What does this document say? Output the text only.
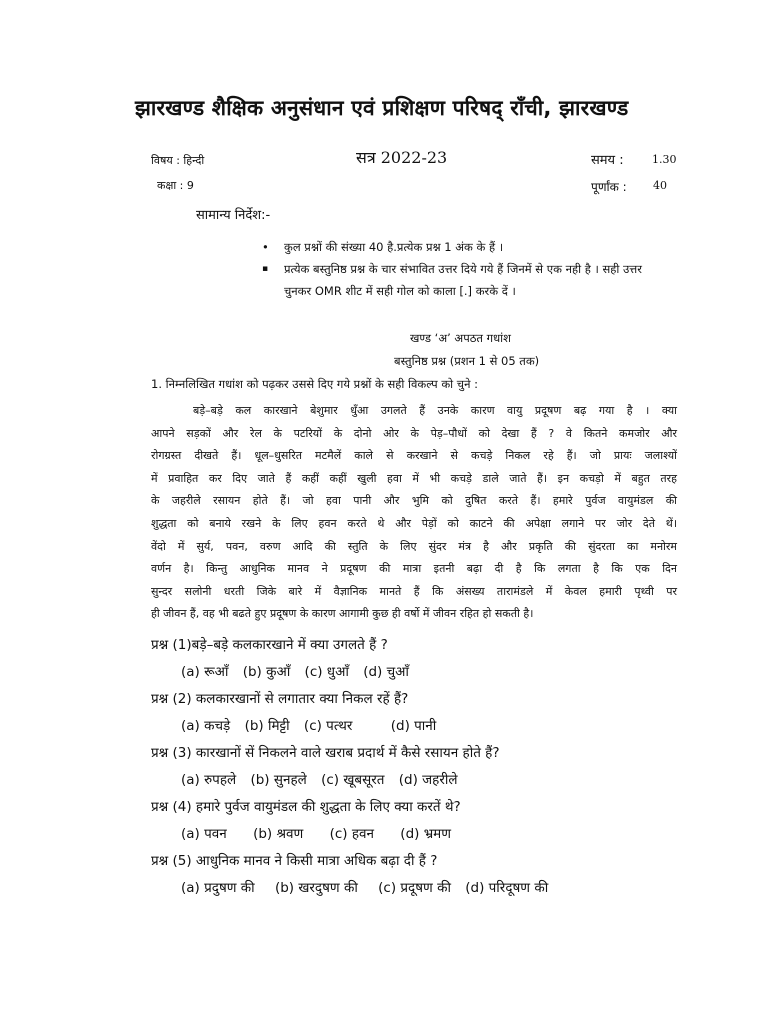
झारखण्ड शैक्षिक अनुसंधान एवं प्रशिक्षण परिषद् राँची, झारखण्ड
विषय : हिन्दी	सत्र 2022-23	समय :	1.30
कक्षा : 9	पूर्णांक : 40
सामान्य निर्देश:-
• कुल प्रश्नों की संख्या 40 है.प्रत्येक प्रश्न 1 अंक के हैं ।
▪ प्रत्येक बस्तुनिष्ठ प्रश्न के चार संभावित उत्तर दिये गये हैं जिनमें से एक नही है । सही उत्तर चुनकर OMR शीट में सही गोल को काला [.] करके दें ।
खण्ड ‘अ’ अपठत गधांश
बस्तुनिष्ठ प्रश्न (प्रशन 1 से 05 तक)
1. निम्नलिखित गधांश को पढ़कर उससे दिए गये प्रश्नों के सही विकल्प को चुने :
बड़े–बड़े कल कारखाने बेशुमार धुँआ उगलते हैं उनके कारण वायु प्रदूषण बढ़ गया है । क्या
आपने सड़कों और रेल के पटरियों के दोनो ओर के पेड़–पौधों को देखा हैं ? वे कितने कमजोर और
रोगग्रस्त दीखते हैं। धूल–धुसरित मटमैलें काले से करखाने से कचड़े निकल रहे हैं। जो प्रायः जलाश्यों
में प्रवाहित कर दिए जाते हैं कहीं कहीं खुली हवा में भी कचड़े डाले जाते हैं। इन कचड़ो में बहुत तरह
के जहरीले रसायन होते हैं। जो हवा पानी और भुमि को दुषित करते हैं। हमारे पुर्वज वायुमंडल की
शुद्धता को बनाये रखने के लिए हवन करते थे और पेड़ों को काटने की अपेक्षा लगाने पर जोर देते थें।
वेंदो में सुर्य, पवन, वरुण आदि की स्तुति के लिए सुंदर मंत्र है और प्रकृति की सुंदरता का मनोरम
वर्णन है। किन्तु आधुनिक मानव ने प्रदूषण की मात्रा इतनी बढ़ा दी है कि लगता है कि एक दिन
सुन्दर सलोनी धरती जिके बारे में वैज्ञानिक मानते हैं कि अंसख्य तारामंडले में केवल हमारी पृथ्वी पर
ही जीवन हैं, वह भी बढते हुए प्रदूषण के कारण आगामी कुछ ही वर्षो में जीवन रहित हो सकती है।
प्रश्न (1)बड़े–बड़े कलकारखाने में क्या उगलते हैं ?
(a) रूआँ (b) कुआँ (c) धुआँ (d) चुआँ
प्रश्न (2) कलकारखानों से लगातार क्या निकल रहें हैं?
(a) कचड़े (b) मिट्टी (c) पत्थर	(d) पानी
प्रश्न (3) कारखानों सें निकलने वाले खराब प्रदार्थ में कैसे रसायन होते हैं?
(a) रुपहले (b) सुनहले (c) खूबसूरत (d) जहरीले
प्रश्न (4) हमारे पुर्वज वायुमंडल की शुद्धता के लिए क्या करतें थे?
(a) पवन (b) श्रवण (c) हवन (d) भ्रमण
प्रश्न (5) आधुनिक मानव ने किसी मात्रा अधिक बढ़ा दी हैं ?
(a) प्रदुषण की (b) खरदुषण की (c) प्रदूषण की (d) परिदूषण की
